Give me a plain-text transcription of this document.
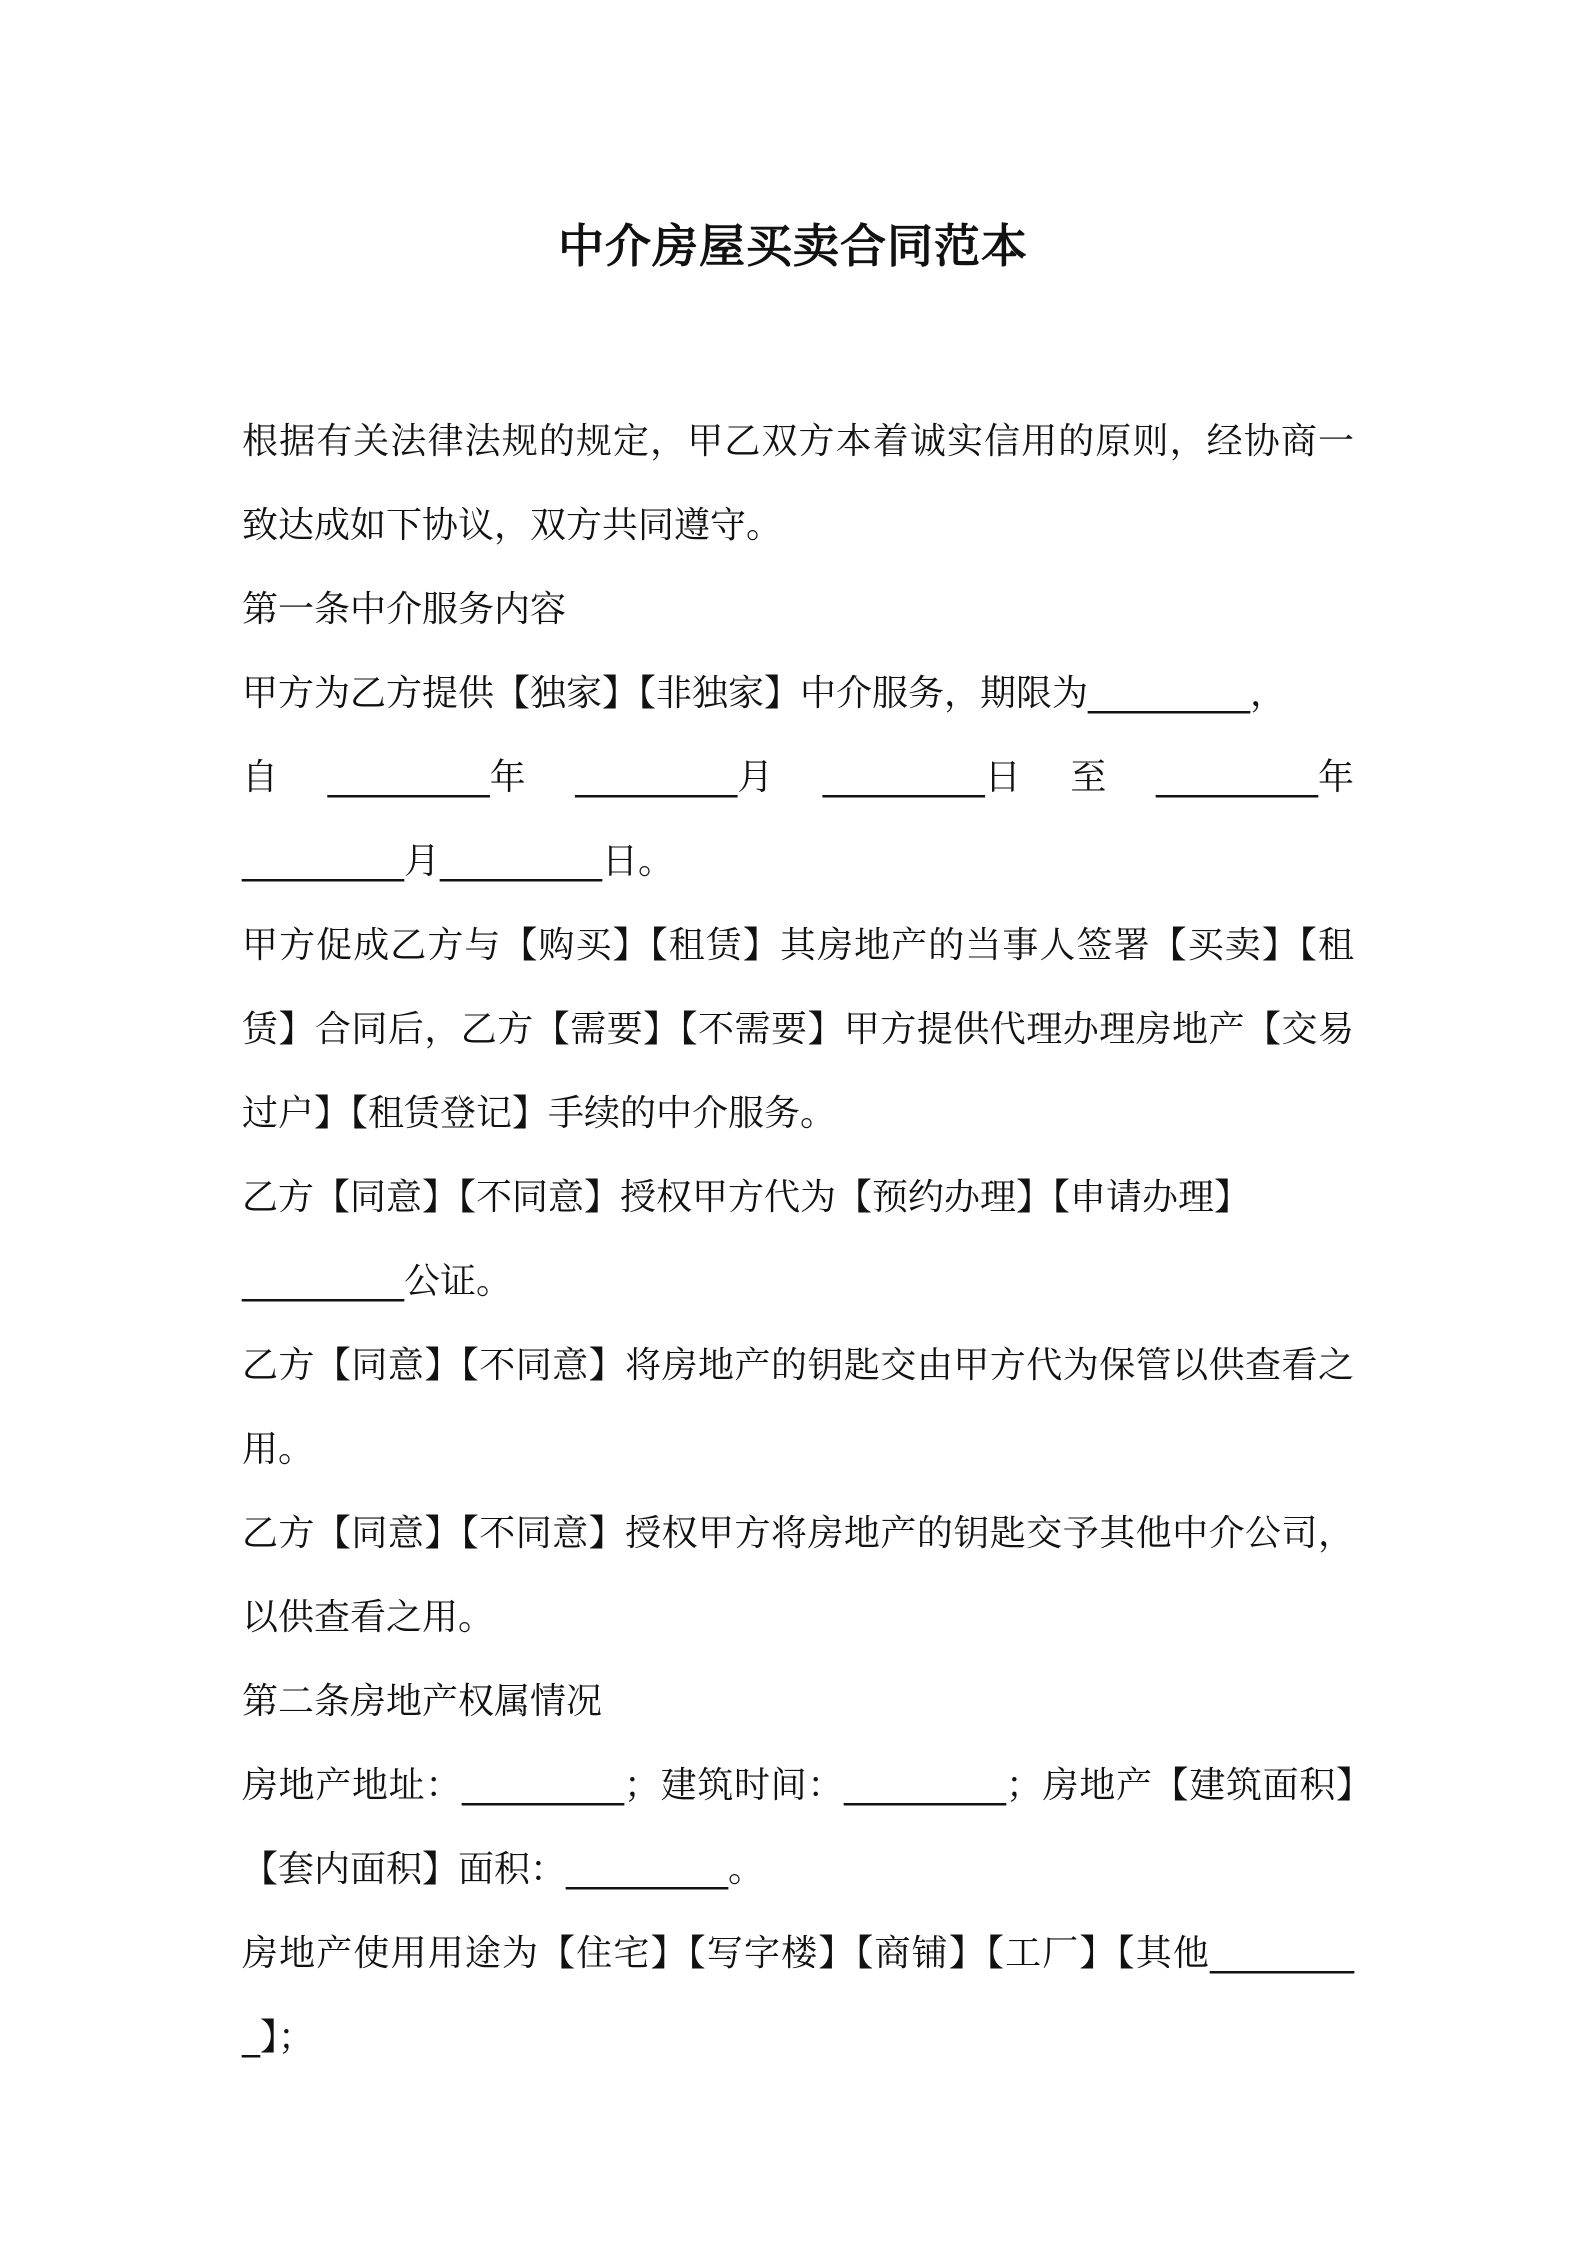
中介房屋买卖合同范本

根据有关法律法规的规定，甲乙双方本着诚实信用的原则，经协商一致达成如下协议，双方共同遵守。

第一条中介服务内容

甲方为乙方提供【独家】【非独家】中介服务，期限为_________，

自 _________年 _________月 _________日 至 _________年

_________月_________日。

甲方促成乙方与【购买】【租赁】其房地产的当事人签署【买卖】【租赁】合同后，乙方【需要】【不需要】甲方提供代理办理房地产【交易过户】【租赁登记】手续的中介服务。

乙方【同意】【不同意】授权甲方代为【预约办理】【申请办理】

_________公证。

乙方【同意】【不同意】将房地产的钥匙交由甲方代为保管以供查看之用。

乙方【同意】【不同意】授权甲方将房地产的钥匙交予其他中介公司，以供查看之用。

第二条房地产权属情况

房地产地址：_________；建筑时间：_________；房地产【建筑面积】【套内面积】面积：_________。

房地产使用用途为【住宅】【写字楼】【商铺】【工厂】【其他_________】；
